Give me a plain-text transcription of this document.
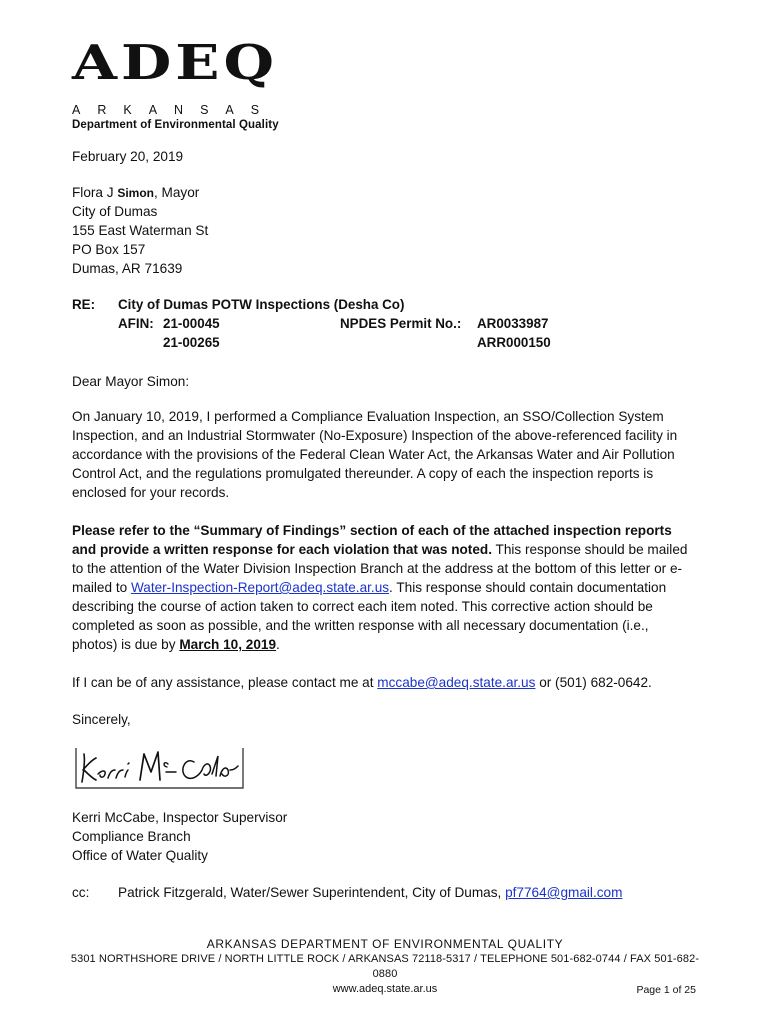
ADEQ
ARKANSAS
Department of Environmental Quality
February 20, 2019
Flora J Simon, Mayor
City of Dumas
155 East Waterman St
PO Box 157
Dumas, AR 71639
RE: City of Dumas POTW Inspections (Desha Co)
AFIN: 21-00045	NPDES Permit No.: AR0033987
21-00265	ARR000150
Dear Mayor Simon:
On January 10, 2019, I performed a Compliance Evaluation Inspection, an SSO/Collection System Inspection, and an Industrial Stormwater (No-Exposure) Inspection of the above-referenced facility in accordance with the provisions of the Federal Clean Water Act, the Arkansas Water and Air Pollution Control Act, and the regulations promulgated thereunder. A copy of each the inspection reports is enclosed for your records.
Please refer to the “Summary of Findings” section of each of the attached inspection reports and provide a written response for each violation that was noted. This response should be mailed to the attention of the Water Division Inspection Branch at the address at the bottom of this letter or e-mailed to Water-Inspection-Report@adeq.state.ar.us. This response should contain documentation describing the course of action taken to correct each item noted. This corrective action should be completed as soon as possible, and the written response with all necessary documentation (i.e., photos) is due by March 10, 2019.
If I can be of any assistance, please contact me at mccabe@adeq.state.ar.us or (501) 682-0642.
Sincerely,
Kerri McCabe, Inspector Supervisor
Compliance Branch
Office of Water Quality
cc: Patrick Fitzgerald, Water/Sewer Superintendent, City of Dumas, pf7764@gmail.com
ARKANSAS DEPARTMENT OF ENVIRONMENTAL QUALITY
5301 NORTHSHORE DRIVE / NORTH LITTLE ROCK / ARKANSAS 72118-5317 / TELEPHONE 501-682-0744 / FAX 501-682-0880
www.adeq.state.ar.us	Page 1 of 25
